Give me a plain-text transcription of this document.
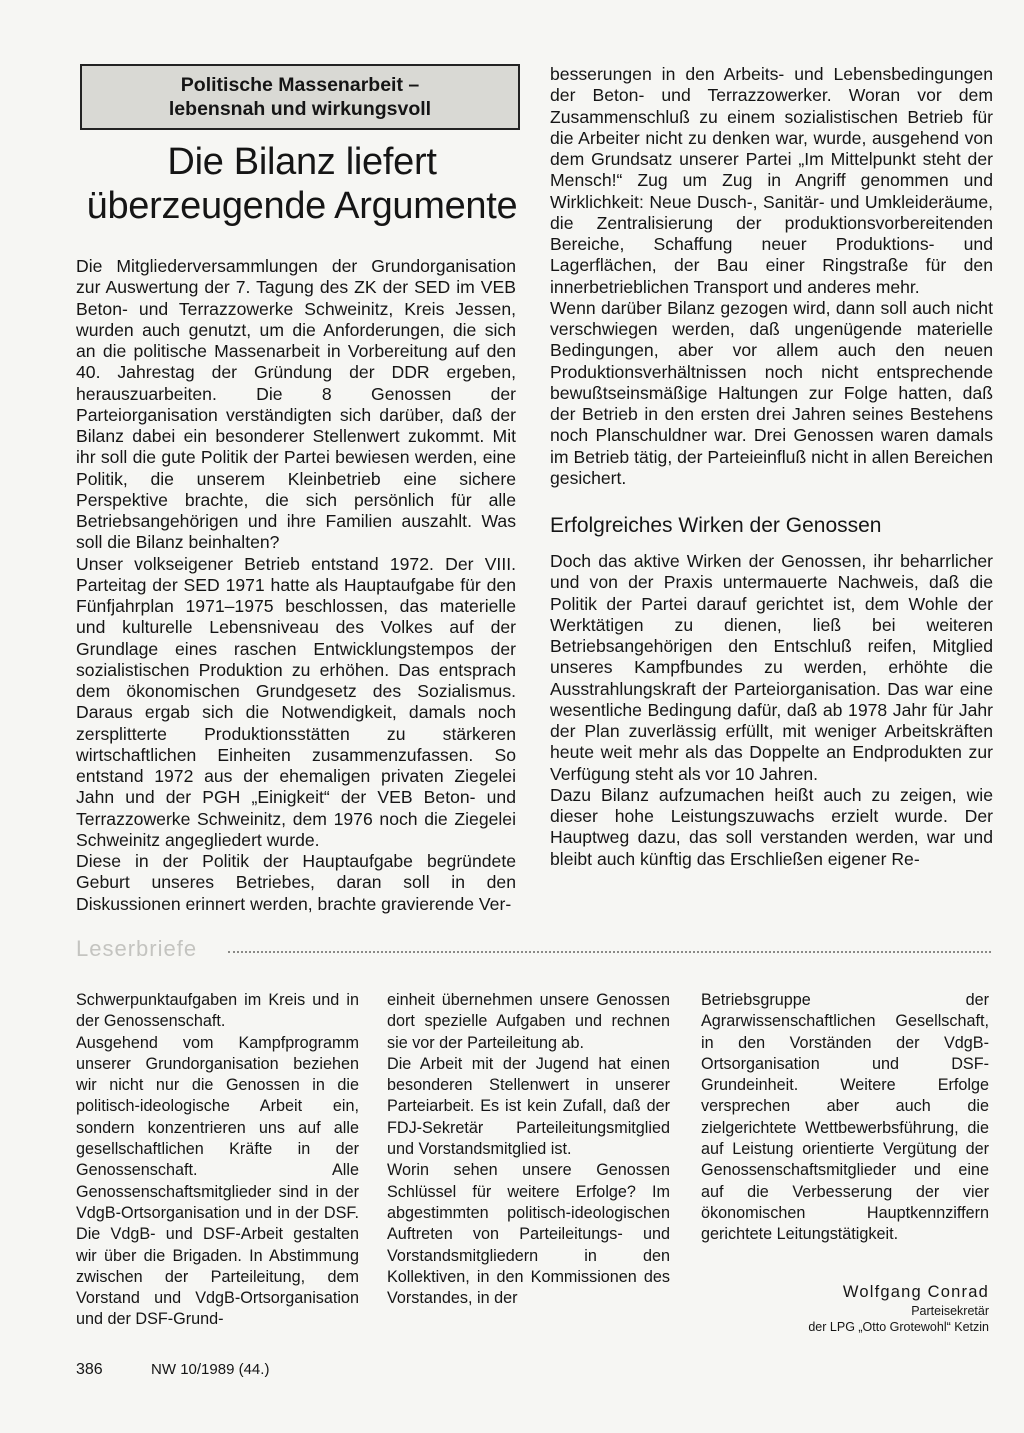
Politische Massenarbeit –
lebensnah und wirkungsvoll
Die Bilanz liefert
überzeugende Argumente

Die Mitgliederversammlungen der Grundorganisation zur Auswertung der 7. Tagung des ZK der SED im VEB Beton- und Terrazzowerke Schweinitz, Kreis Jessen, wurden auch genutzt, um die Anforderungen, die sich an die politische Massenarbeit in Vorbereitung auf den 40. Jahrestag der Gründung der DDR ergeben, herauszuarbeiten. Die 8 Genossen der Parteiorganisation verständigten sich darüber, daß der Bilanz dabei ein besonderer Stellenwert zukommt. Mit ihr soll die gute Politik der Partei bewiesen werden, eine Politik, die unserem Kleinbetrieb eine sichere Perspektive brachte, die sich persönlich für alle Betriebsangehörigen und ihre Familien auszahlt. Was soll die Bilanz beinhalten?

Unser volkseigener Betrieb entstand 1972. Der VIII. Parteitag der SED 1971 hatte als Hauptaufgabe für den Fünfjahrplan 1971–1975 beschlossen, das materielle und kulturelle Lebensniveau des Volkes auf der Grundlage eines raschen Entwicklungstempos der sozialistischen Produktion zu erhöhen. Das entsprach dem ökonomischen Grundgesetz des Sozialismus. Daraus ergab sich die Notwendigkeit, damals noch zersplitterte Produktionsstätten zu stärkeren wirtschaftlichen Einheiten zusammenzufassen. So entstand 1972 aus der ehemaligen privaten Ziegelei Jahn und der PGH „Einigkeit“ der VEB Beton- und Terrazzowerke Schweinitz, dem 1976 noch die Ziegelei Schweinitz angegliedert wurde.

Diese in der Politik der Hauptaufgabe begründete Geburt unseres Betriebes, daran soll in den Diskussionen erinnert werden, brachte gravierende Ver-

besserungen in den Arbeits- und Lebensbedingungen der Beton- und Terrazzowerker. Woran vor dem Zusammenschluß zu einem sozialistischen Betrieb für die Arbeiter nicht zu denken war, wurde, ausgehend von dem Grundsatz unserer Partei „Im Mittelpunkt steht der Mensch!“ Zug um Zug in Angriff genommen und Wirklichkeit: Neue Dusch-, Sanitär- und Umkleideräume, die Zentralisierung der produktionsvorbereitenden Bereiche, Schaffung neuer Produktions- und Lagerflächen, der Bau einer Ringstraße für den innerbetrieblichen Transport und anderes mehr.

Wenn darüber Bilanz gezogen wird, dann soll auch nicht verschwiegen werden, daß ungenügende materielle Bedingungen, aber vor allem auch den neuen Produktionsverhältnissen noch nicht entsprechende bewußtseinsmäßige Haltungen zur Folge hatten, daß der Betrieb in den ersten drei Jahren seines Bestehens noch Planschuldner war. Drei Genossen waren damals im Betrieb tätig, der Parteieinfluß nicht in allen Bereichen gesichert.

Erfolgreiches Wirken der Genossen

Doch das aktive Wirken der Genossen, ihr beharrlicher und von der Praxis untermauerte Nachweis, daß die Politik der Partei darauf gerichtet ist, dem Wohle der Werktätigen zu dienen, ließ bei weiteren Betriebsangehörigen den Entschluß reifen, Mitglied unseres Kampfbundes zu werden, erhöhte die Ausstrahlungskraft der Parteiorganisation. Das war eine wesentliche Bedingung dafür, daß ab 1978 Jahr für Jahr der Plan zuverlässig erfüllt, mit weniger Arbeitskräften heute weit mehr als das Doppelte an Endprodukten zur Verfügung steht als vor 10 Jahren.

Dazu Bilanz aufzumachen heißt auch zu zeigen, wie dieser hohe Leistungszuwachs erzielt wurde. Der Hauptweg dazu, das soll verstanden werden, war und bleibt auch künftig das Erschließen eigener Re-

Leserbriefe

Schwerpunktaufgaben im Kreis und in der Genossenschaft.

Ausgehend vom Kampfprogramm unserer Grundorganisation beziehen wir nicht nur die Genossen in die politisch-ideologische Arbeit ein, sondern konzentrieren uns auf alle gesellschaftlichen Kräfte in der Genossenschaft. Alle Genossenschaftsmitglieder sind in der VdgB-Ortsorganisation und in der DSF. Die VdgB- und DSF-Arbeit gestalten wir über die Brigaden. In Abstimmung zwischen der Parteileitung, dem Vorstand und VdgB-Ortsorganisation und der DSF-Grund-

einheit übernehmen unsere Genossen dort spezielle Aufgaben und rechnen sie vor der Parteileitung ab.

Die Arbeit mit der Jugend hat einen besonderen Stellenwert in unserer Parteiarbeit. Es ist kein Zufall, daß der FDJ-Sekretär Parteileitungsmitglied und Vorstandsmitglied ist.

Worin sehen unsere Genossen Schlüssel für weitere Erfolge? Im abgestimmten politisch-ideologischen Auftreten von Parteileitungs- und Vorstandsmitgliedern in den Kollektiven, in den Kommissionen des Vorstandes, in der

Betriebsgruppe der Agrarwissenschaftlichen Gesellschaft, in den Vorständen der VdgB-Ortsorganisation und DSF-Grundeinheit. Weitere Erfolge versprechen aber auch die zielgerichtete Wettbewerbsführung, die auf Leistung orientierte Vergütung der Genossenschaftsmitglieder und eine auf die Verbesserung der vier ökonomischen Hauptkennziffern gerichtete Leitungstätigkeit.

Wolfgang Conrad
Parteisekretär
der LPG „Otto Grotewohl“ Ketzin
386	NW 10/1989 (44.)
